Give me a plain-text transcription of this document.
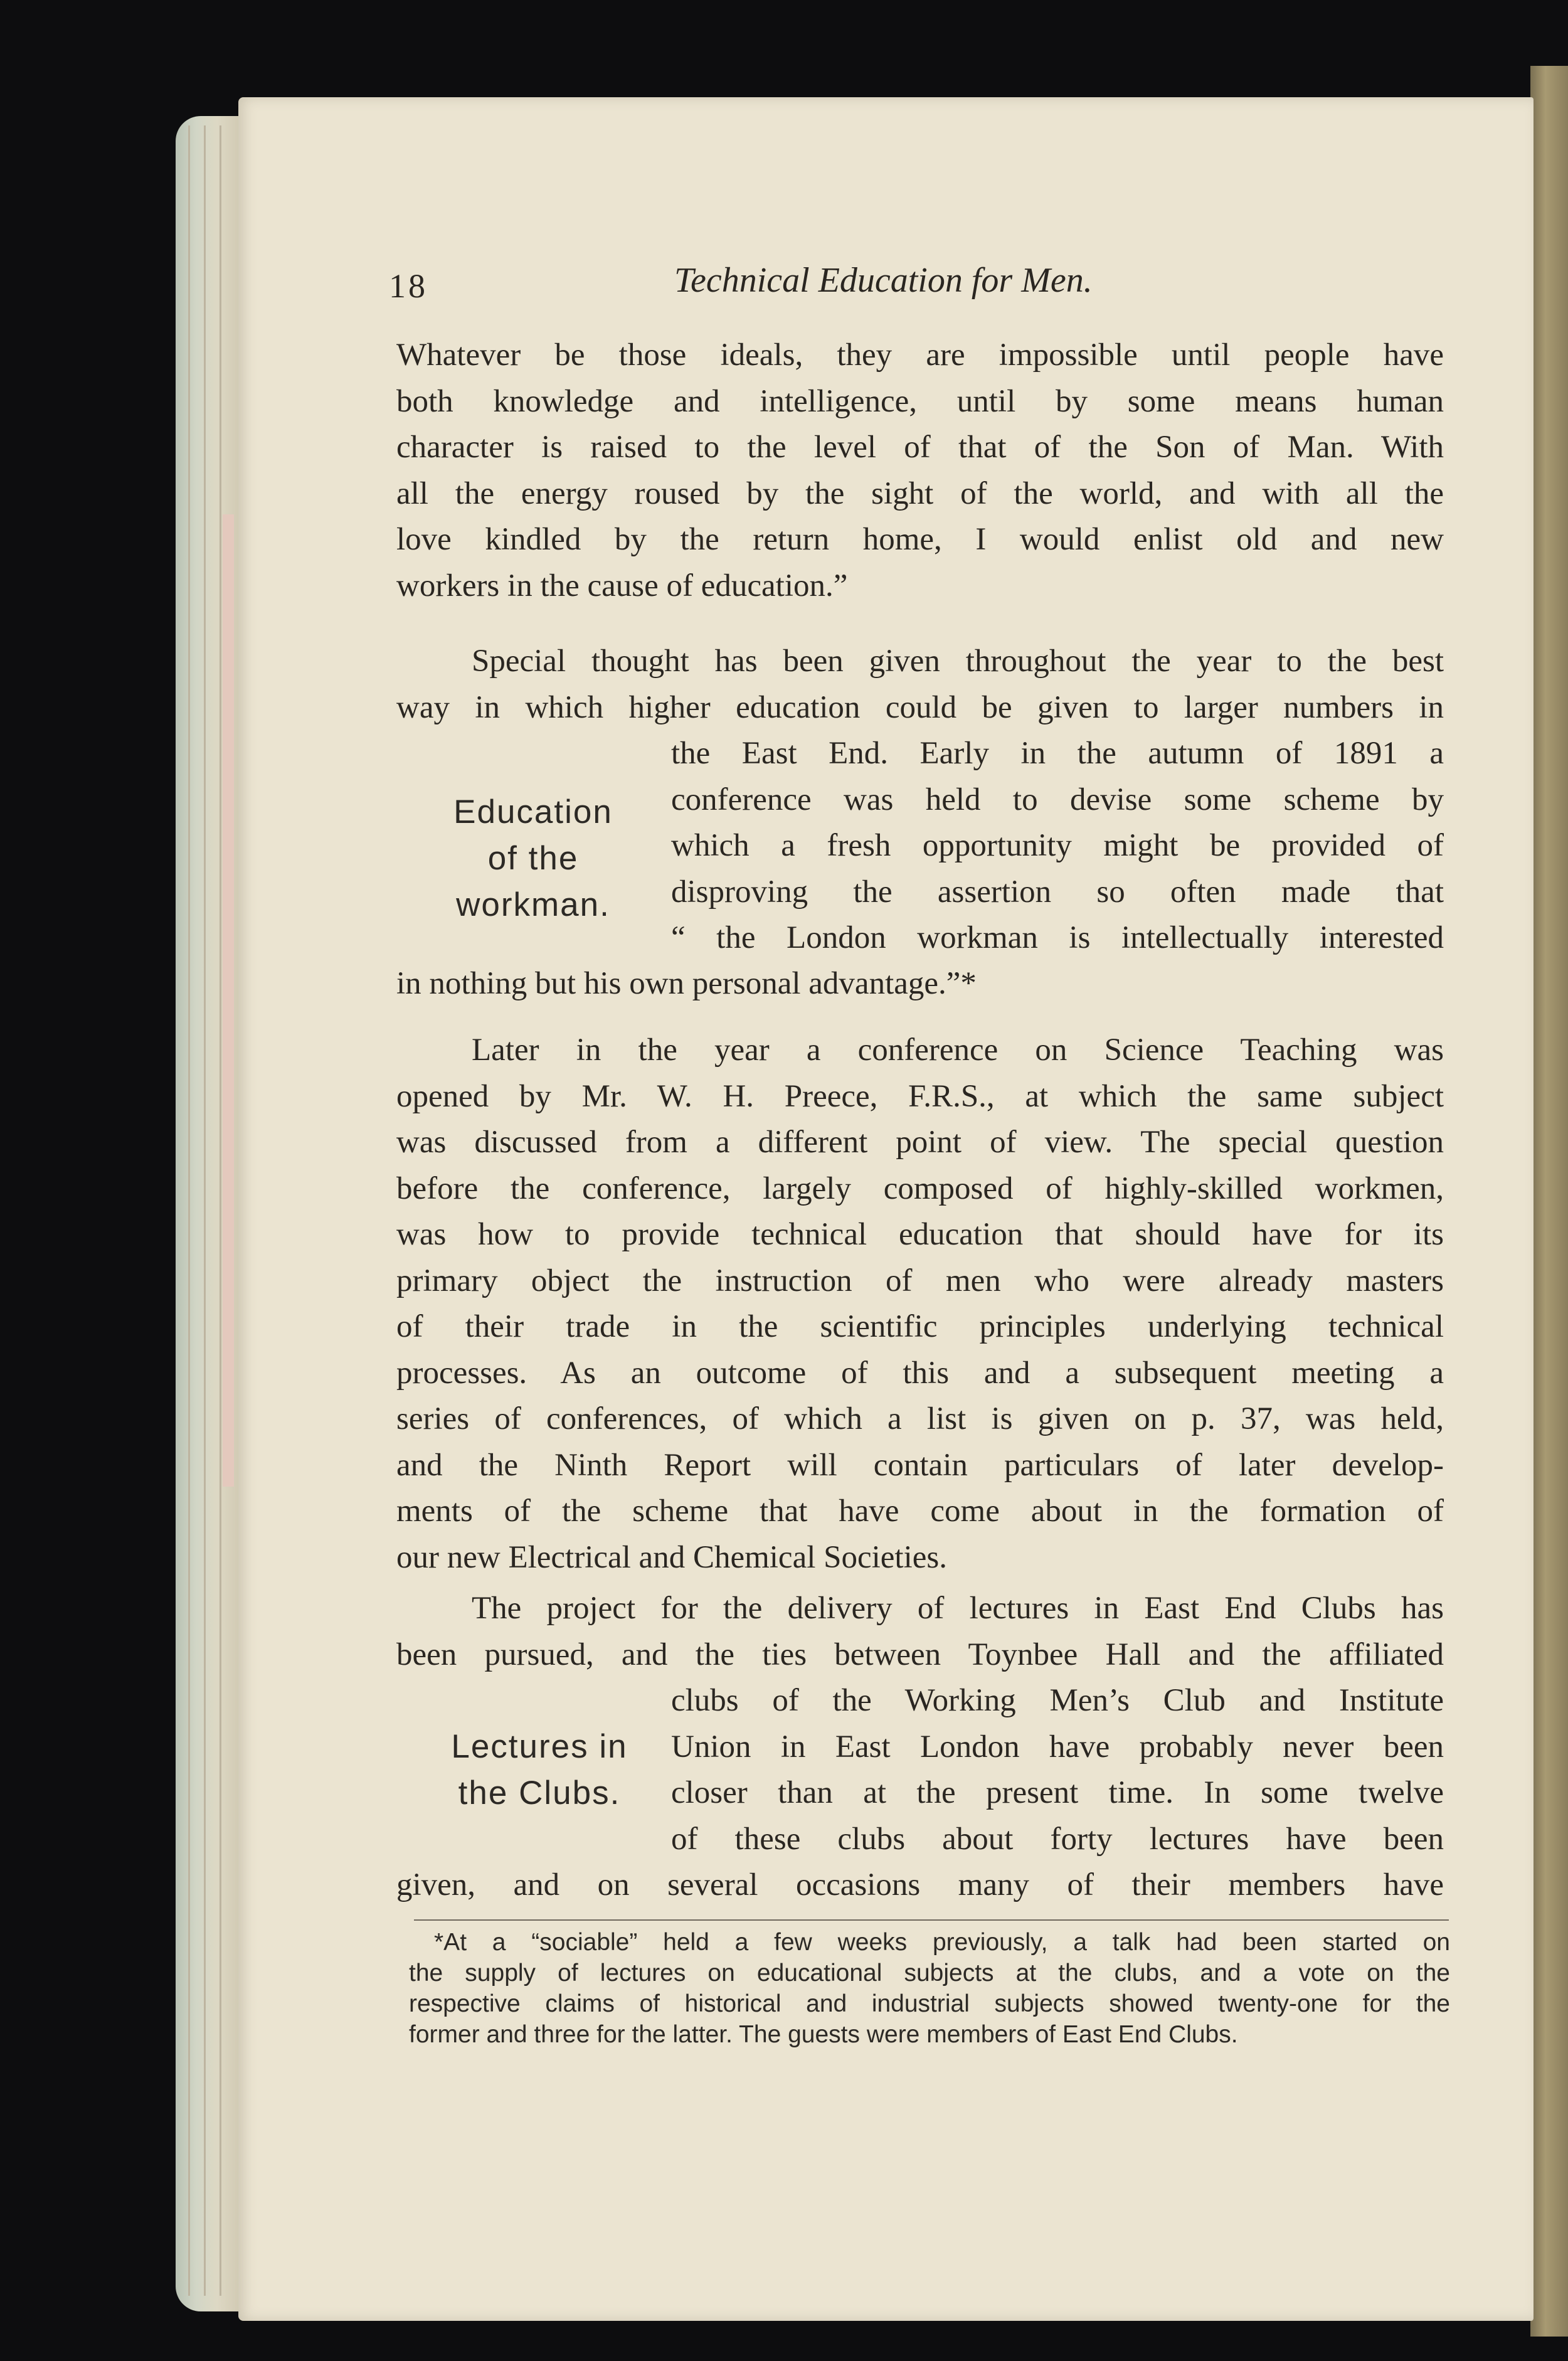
18	Technical Education for Men.
Whatever be those ideals, they are impossible until people have
both knowledge and intelligence, until by some means human
character is raised to the level of that of the Son of Man. With
all the energy roused by the sight of the world, and with all the
love kindled by the return home, I would enlist old and new
workers in the cause of education.”
Special thought has been given throughout the year to the best
way in which higher education could be given to larger numbers in
the East End. Early in the autumn of 1891 a
conference was held to devise some scheme by
which a fresh opportunity might be provided of
disproving the assertion so often made that
“ the London workman is intellectually interested
Education
of the
workman.
in nothing but his own personal advantage.”*
Later in the year a conference on Science Teaching was
opened by Mr. W. H. Preece, F.R.S., at which the same subject
was discussed from a different point of view. The special question
before the conference, largely composed of highly-skilled workmen,
was how to provide technical education that should have for its
primary object the instruction of men who were already masters
of their trade in the scientific principles underlying technical
processes. As an outcome of this and a subsequent meeting a
series of conferences, of which a list is given on p. 37, was held,
and the Ninth Report will contain particulars of later develop-
ments of the scheme that have come about in the formation of
our new Electrical and Chemical Societies.
The project for the delivery of lectures in East End Clubs has
been pursued, and the ties between Toynbee Hall and the affiliated
clubs of the Working Men’s Club and Institute
Union in East London have probably never been
closer than at the present time. In some twelve
of these clubs about forty lectures have been
Lectures in
the Clubs.
given, and on several occasions many of their members have
*At a “sociable” held a few weeks previously, a talk had been started on
the supply of lectures on educational subjects at the clubs, and a vote on the
respective claims of historical and industrial subjects showed twenty-one for the
former and three for the latter. The guests were members of East End Clubs.
